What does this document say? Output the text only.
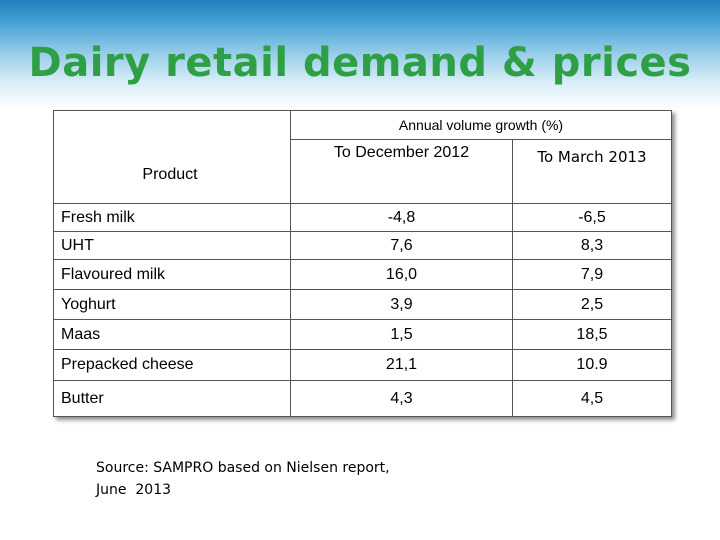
Dairy retail demand & prices
Product	Annual volume growth (%)	
	To December 2012	To March 2013
Fresh milk	-4,8	-6,5
UHT	7,6	8,3
Flavoured milk	16,0	7,9
Yoghurt	3,9	2,5
Maas	1,5	18,5
Prepacked cheese	21,1	10.9
Butter	4,3	4,5
Source: SAMPRO based on Nielsen report,
June  2013
